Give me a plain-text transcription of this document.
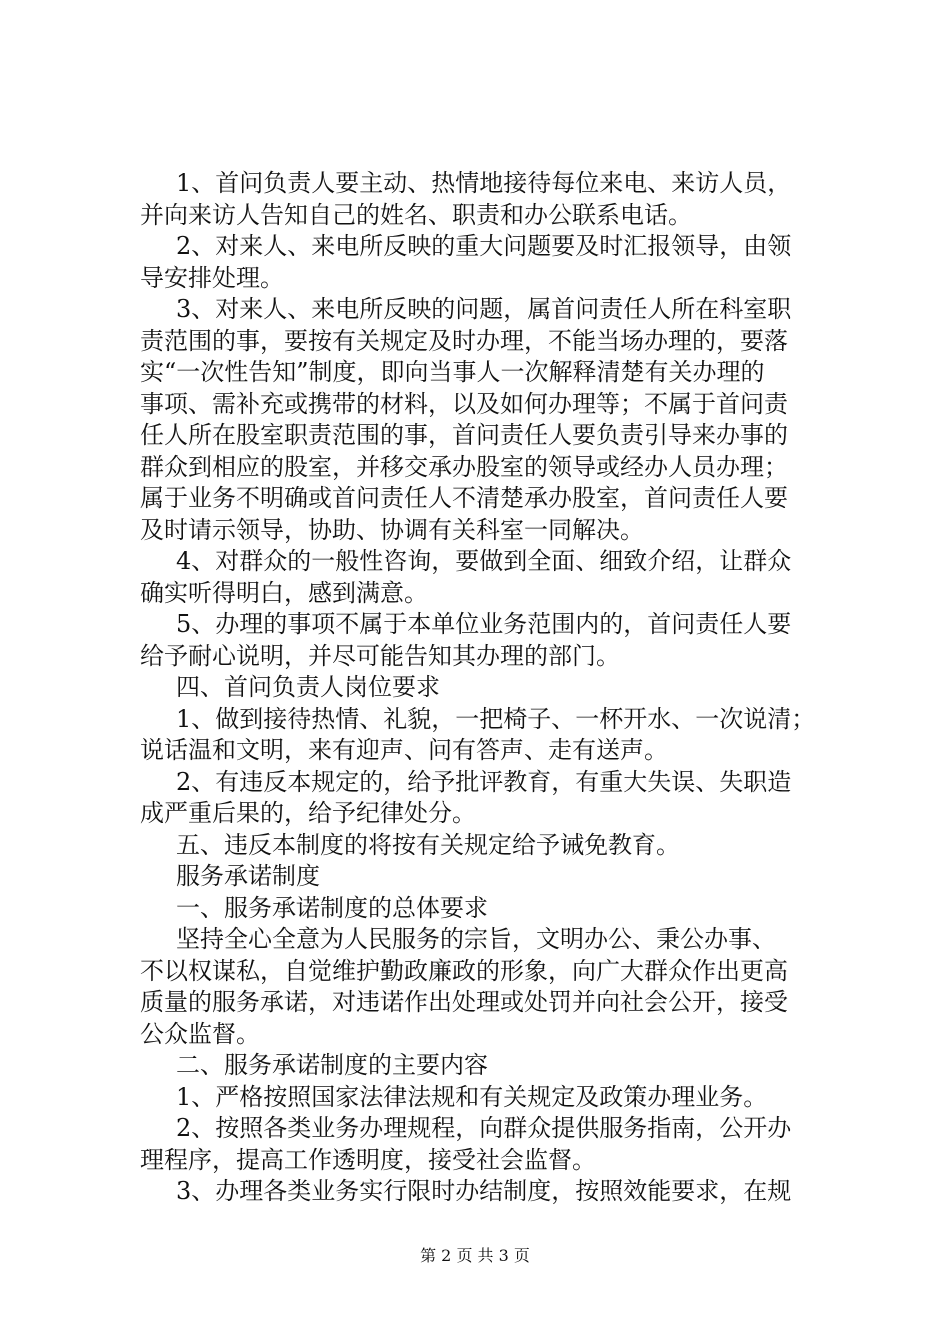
1、首问负责人要主动、热情地接待每位来电、来访人员，
并向来访人告知自己的姓名、职责和办公联系电话。
2、对来人、来电所反映的重大问题要及时汇报领导，由领
导安排处理。
3、对来人、来电所反映的问题，属首问责任人所在科室职
责范围的事，要按有关规定及时办理，不能当场办理的，要落
实“一次性告知”制度，即向当事人一次解释清楚有关办理的
事项、需补充或携带的材料，以及如何办理等；不属于首问责
任人所在股室职责范围的事，首问责任人要负责引导来办事的
群众到相应的股室，并移交承办股室的领导或经办人员办理；
属于业务不明确或首问责任人不清楚承办股室，首问责任人要
及时请示领导，协助、协调有关科室一同解决。
4、对群众的一般性咨询，要做到全面、细致介绍，让群众
确实听得明白，感到满意。
5、办理的事项不属于本单位业务范围内的，首问责任人要
给予耐心说明，并尽可能告知其办理的部门。
四、首问负责人岗位要求
1、做到接待热情、礼貌，一把椅子、一杯开水、一次说清；
说话温和文明，来有迎声、问有答声、走有送声。
2、有违反本规定的，给予批评教育，有重大失误、失职造
成严重后果的，给予纪律处分。
五、违反本制度的将按有关规定给予诫免教育。
服务承诺制度
一、服务承诺制度的总体要求
坚持全心全意为人民服务的宗旨，文明办公、秉公办事、
不以权谋私，自觉维护勤政廉政的形象，向广大群众作出更高
质量的服务承诺，对违诺作出处理或处罚并向社会公开，接受
公众监督。
二、服务承诺制度的主要内容
1、严格按照国家法律法规和有关规定及政策办理业务。
2、按照各类业务办理规程，向群众提供服务指南，公开办
理程序，提高工作透明度，接受社会监督。
3、办理各类业务实行限时办结制度，按照效能要求，在规
第 2 页 共 3 页
